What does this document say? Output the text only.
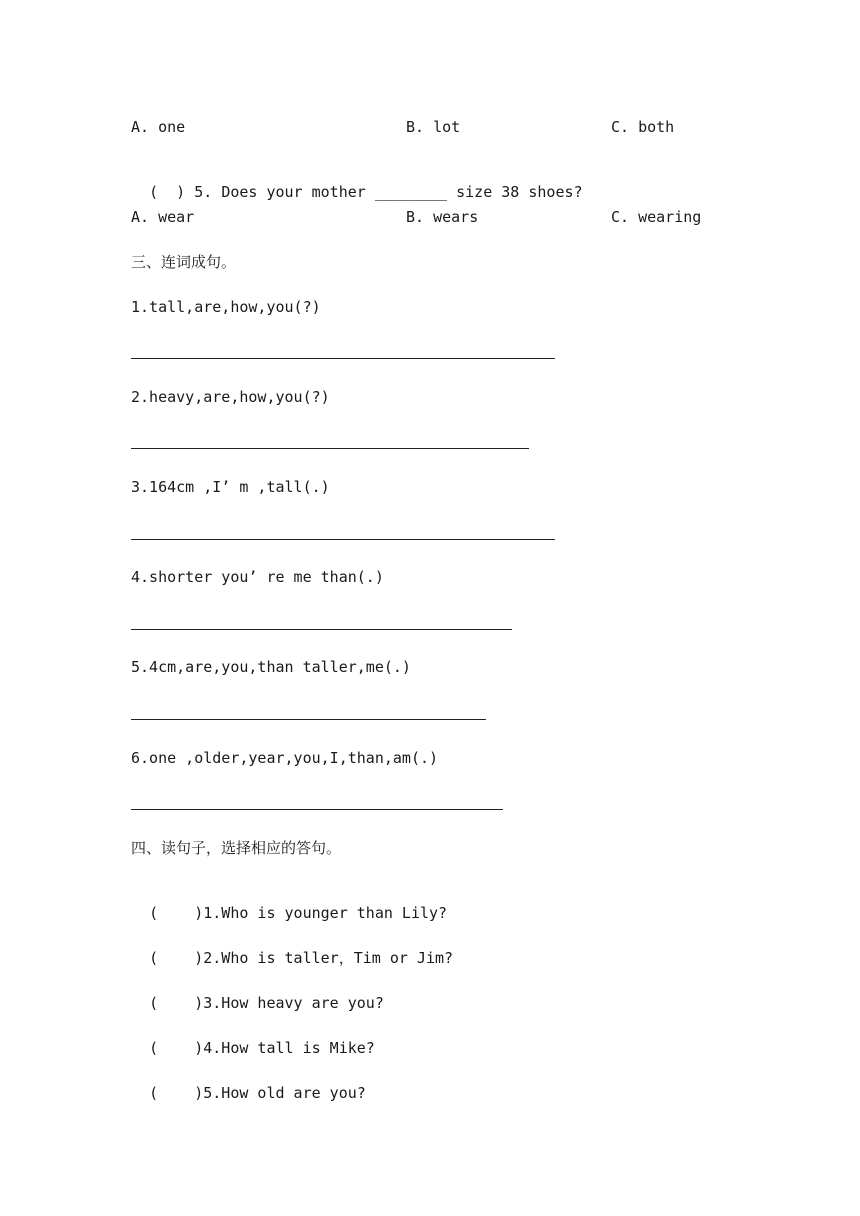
A. one	B. lot	C. both

(  ) 5. Does your mother ________ size 38 shoes?

A. wear	B. wears	C. wearing
三、连词成句。
1.tall,are,how,you(?)
2.heavy,are,how,you(?)
3.164cm ,I’ m ,tall(.)
4.shorter you’ re me than(.)
5.4cm,are,you,than taller,me(.)
6.one ,older,year,you,I,than,am(.)
四、读句子，选择相应的答句。

(    )1.Who is younger than Lily?

(    )2.Who is taller，Tim or Jim?

(    )3.How heavy are you?

(    )4.How tall is Mike?

(    )5.How old are you?
